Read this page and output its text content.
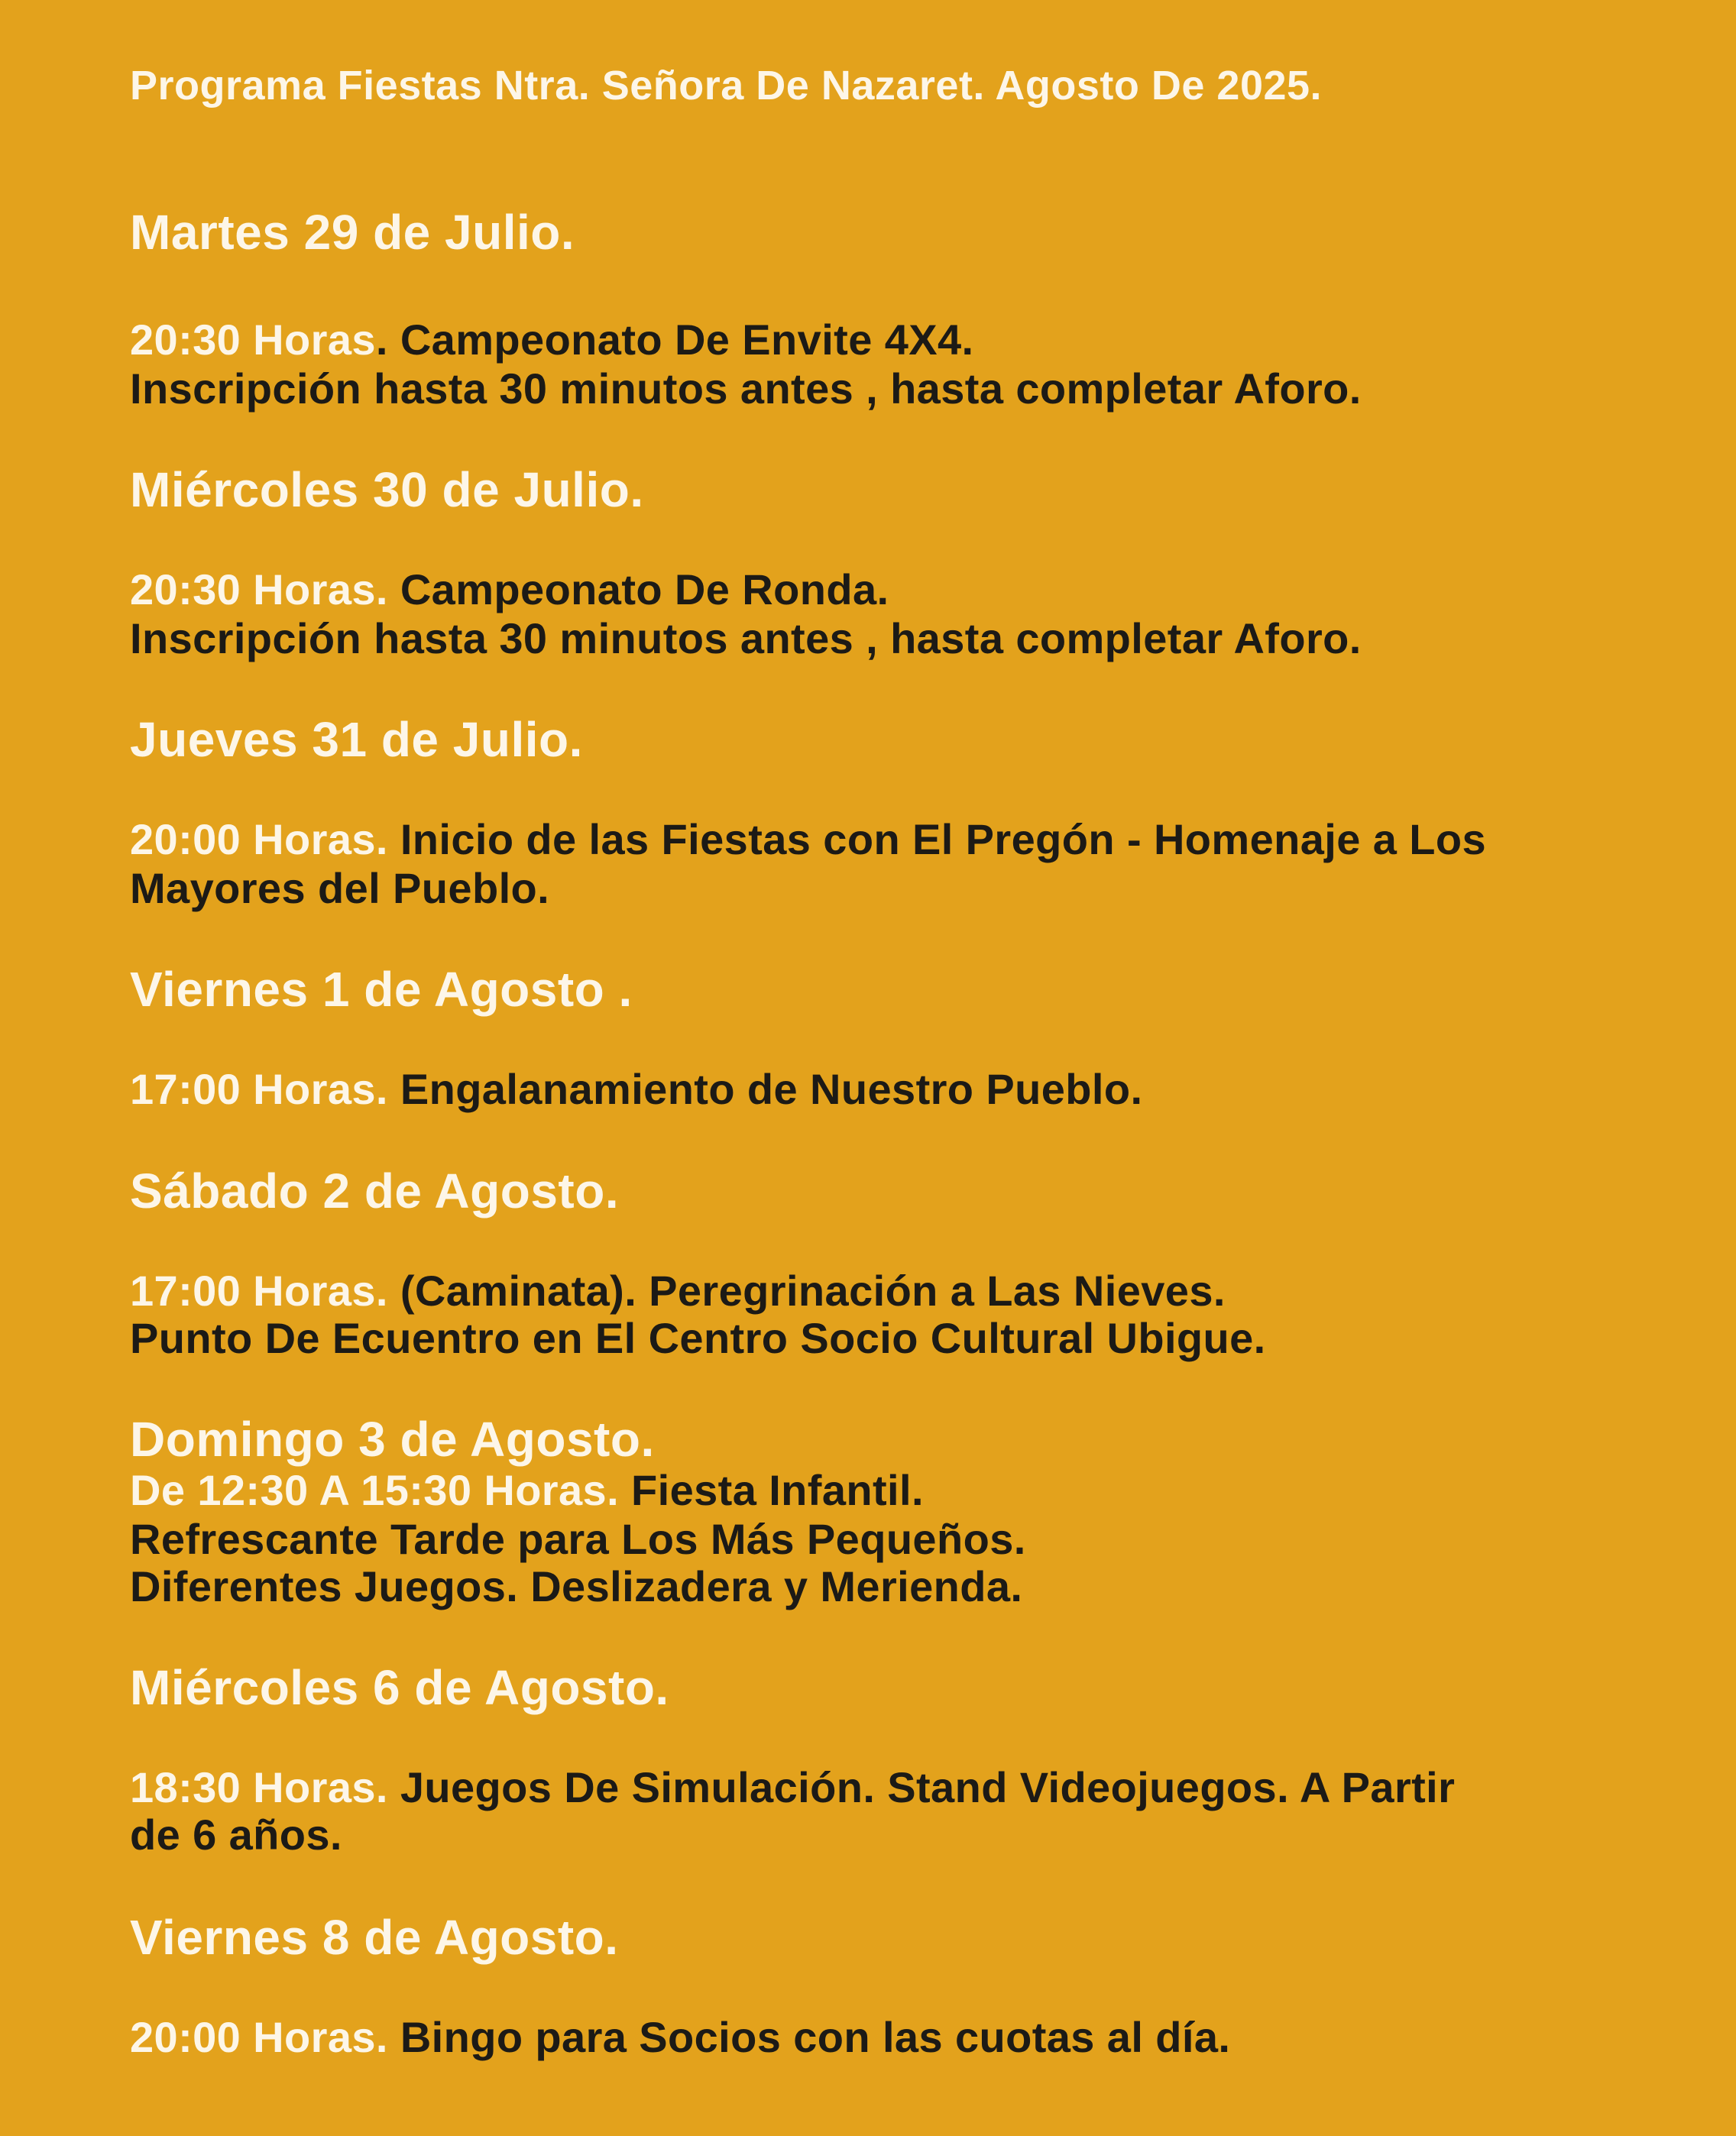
Programa Fiestas Ntra. Señora De Nazaret. Agosto De 2025.
Martes 29 de Julio.
20:30 Horas. Campeonato De Envite 4X4.
Inscripción hasta 30 minutos antes , hasta completar Aforo.
Miércoles 30 de Julio.
20:30 Horas. Campeonato De Ronda.
Inscripción hasta 30 minutos antes , hasta completar Aforo.
Jueves 31 de Julio.
20:00 Horas. Inicio de las Fiestas con El Pregón - Homenaje a Los
Mayores del Pueblo.
Viernes 1 de Agosto .
17:00 Horas. Engalanamiento de Nuestro Pueblo.
Sábado 2 de Agosto.
17:00 Horas. (Caminata). Peregrinación a Las Nieves.
Punto De Ecuentro en El Centro Socio Cultural Ubigue.
Domingo 3 de Agosto.
De 12:30 A 15:30 Horas. Fiesta Infantil.
Refrescante Tarde para Los Más Pequeños.
Diferentes Juegos. Deslizadera y Merienda.
Miércoles 6 de Agosto.
18:30 Horas. Juegos De Simulación. Stand Videojuegos. A Partir
de 6 años.
Viernes 8 de Agosto.
20:00 Horas. Bingo para Socios con las cuotas al día.
